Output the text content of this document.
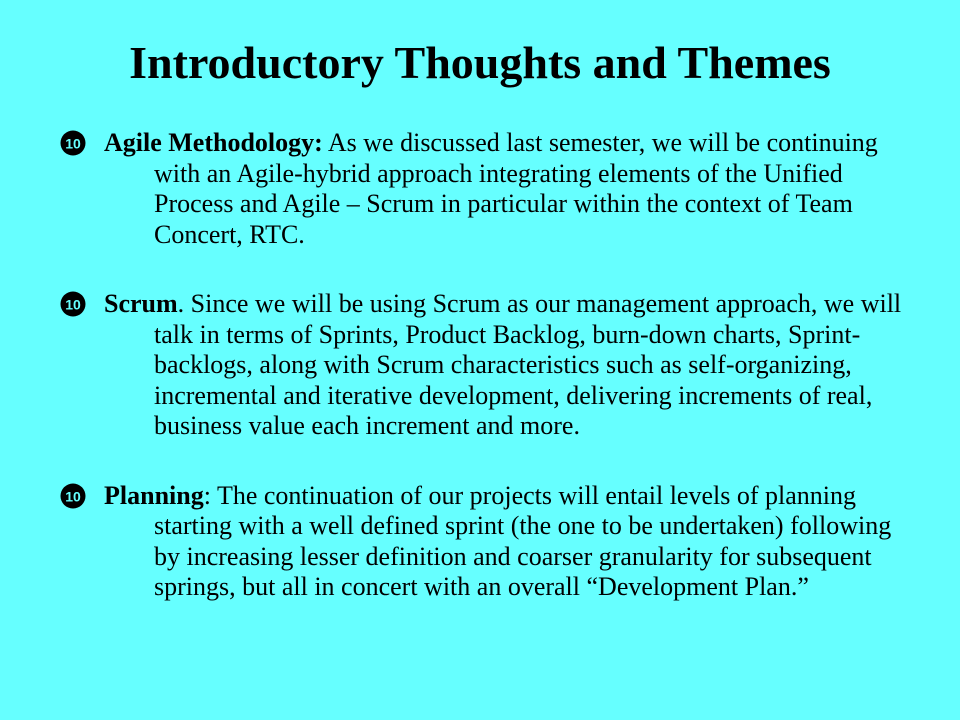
Introductory Thoughts and Themes
10 Agile Methodology: As we discussed last semester, we will be continuing with an Agile-hybrid approach integrating elements of the Unified Process and Agile – Scrum in particular within the context of Team Concert, RTC.
10 Scrum. Since we will be using Scrum as our management approach, we will talk in terms of Sprints, Product Backlog, burn-down charts, Sprint-backlogs, along with Scrum characteristics such as self-organizing, incremental and iterative development, delivering increments of real, business value each increment and more.
10 Planning: The continuation of our projects will entail levels of planning starting with a well defined sprint (the one to be undertaken) following by increasing lesser definition and coarser granularity for subsequent springs, but all in concert with an overall “Development Plan.”
